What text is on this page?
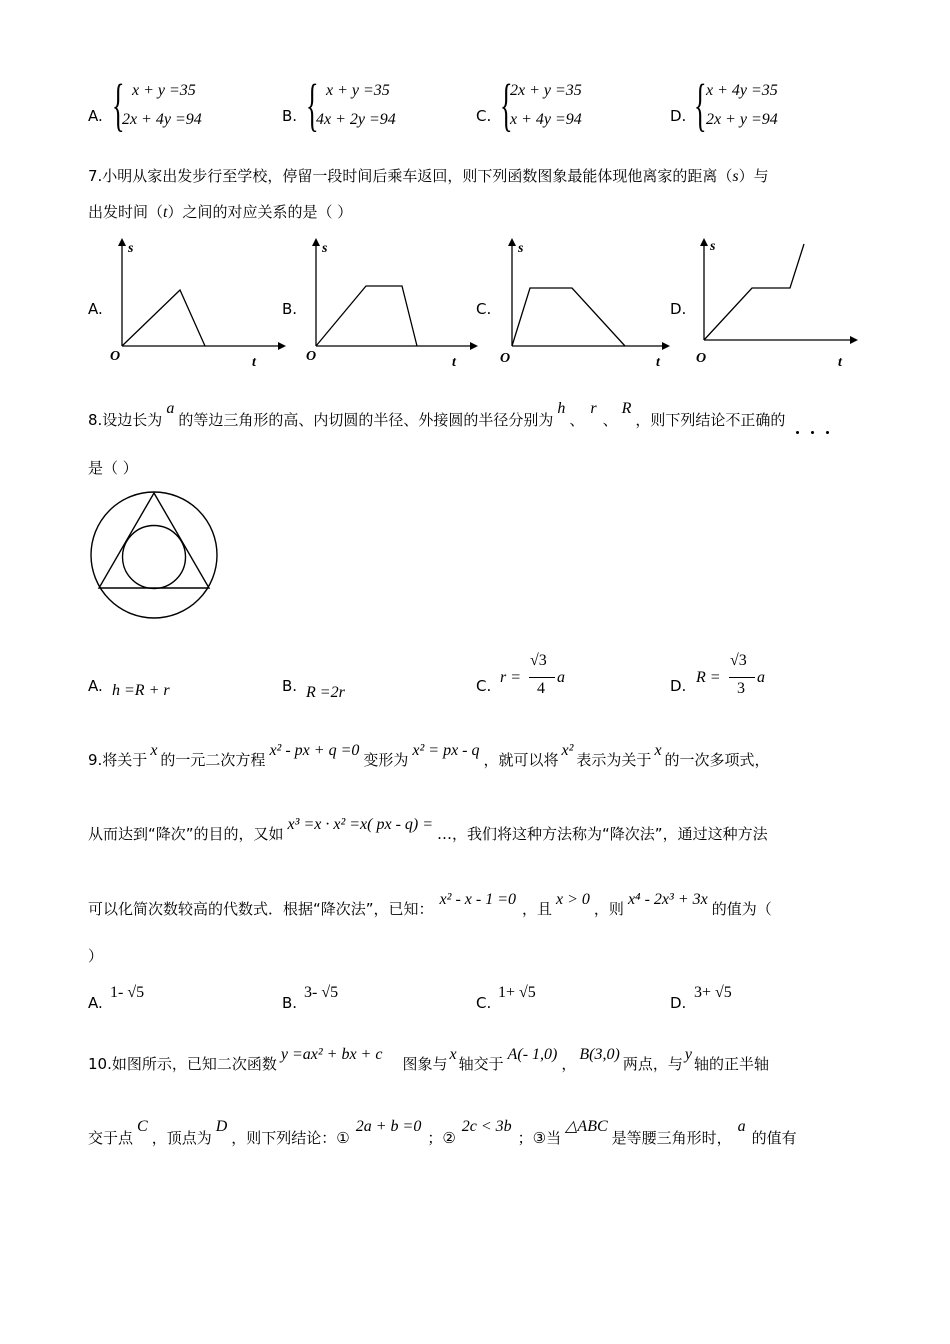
A. { x + y =35
2x + 4y =94	B. { x + y =35
4x + 2y =94	C. {
2x + y =35
x + 4y =94	D. { x + 4y =35
2x + y =94
7.小明从家出发步行至学校，停留一段时间后乘车返回，则下列函数图象最能体现他离家的距离（s）与
出发时间（t）之间的对应关系的是（ ）
A.
s
O	t
B.
s
O	t
C.
s
O	t
D.
s
O	t
8.设边长为a的等边三角形的高、内切圆的半径、外接圆的半径分别为h、r、R，则下列结论不正确的
是（ ）
A. h =R + r	B. R =2r	C. r =
√3
4
a	D. R =
√3
3
a
9.将关于x的一元二次方程x² - px + q =0变形为x² = px - q，就可以将x²表示为关于x的一次多项式，
从而达到“降次”的目的，又如x³ =x · x² =x( px - q) =…，我们将这种方法称为“降次法”，通过这种方法
可以化简次数较高的代数式．根据“降次法”，已知：x² - x - 1 =0，且x > 0，则x⁴ - 2x³ + 3x的值为（
）
A.
1- √5
B.
3- √5
C.
1+ √5
D.
3+ √5
10.如图所示，已知二次函数y =ax² + bx + c图象与x轴交于A(- 1,0)，B(3,0)两点，与y轴的正半轴
交于点C，顶点为D，则下列结论：①2a + b =0；②2c < 3b；③当△ABC是等腰三角形时，a的值有
